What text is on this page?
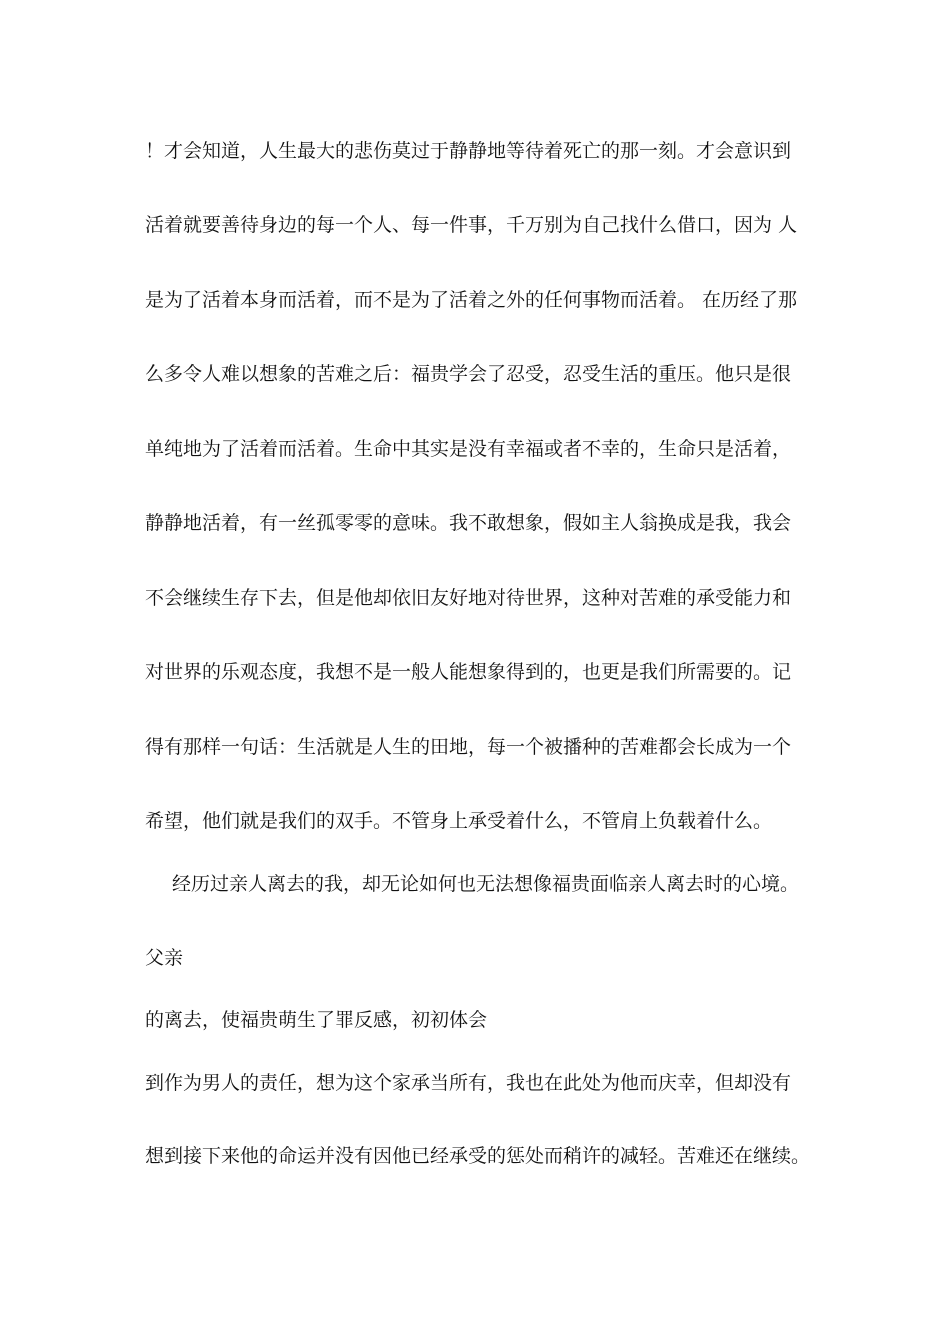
！才会知道，人生最大的悲伤莫过于静静地等待着死亡的那一刻。才会意识到
活着就要善待身边的每一个人、每一件事，千万别为自己找什么借口，因为 人
是为了活着本身而活着，而不是为了活着之外的任何事物而活着。 在历经了那
么多令人难以想象的苦难之后：福贵学会了忍受，忍受生活的重压。他只是很
单纯地为了活着而活着。生命中其实是没有幸福或者不幸的，生命只是活着，
静静地活着，有一丝孤零零的意味。我不敢想象，假如主人翁换成是我，我会
不会继续生存下去，但是他却依旧友好地对待世界，这种对苦难的承受能力和
对世界的乐观态度，我想不是一般人能想象得到的，也更是我们所需要的。记
得有那样一句话：生活就是人生的田地，每一个被播种的苦难都会长成为一个
希望，他们就是我们的双手。不管身上承受着什么，不管肩上负载着什么。
经历过亲人离去的我，却无论如何也无法想像福贵面临亲人离去时的心境。
父亲
的离去，使福贵萌生了罪反感，初初体会
到作为男人的责任，想为这个家承当所有，我也在此处为他而庆幸，但却没有
想到接下来他的命运并没有因他已经承受的惩处而稍许的减轻。苦难还在继续。
